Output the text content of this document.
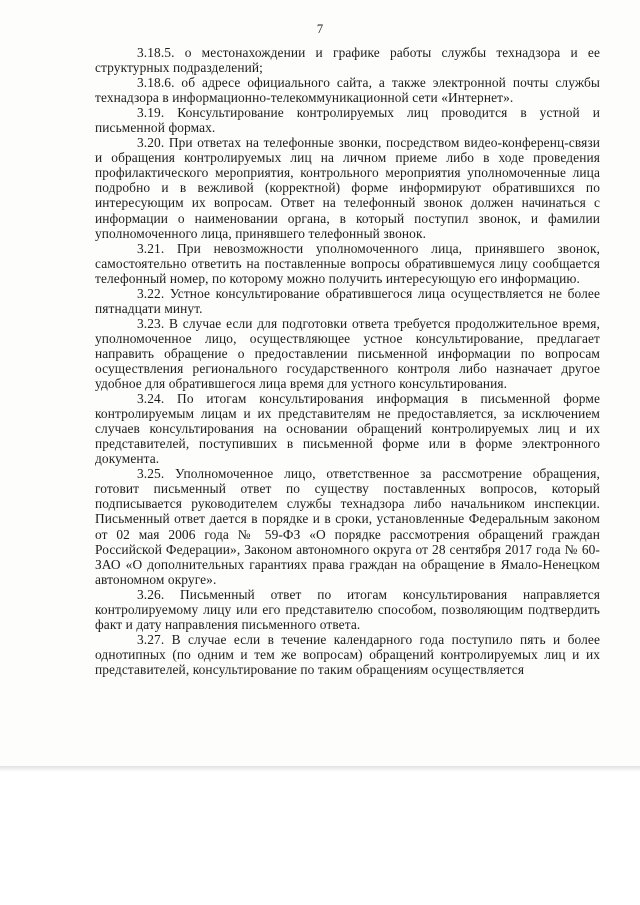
7

3.18.5. о местонахождении и графике работы службы технадзора и ее структурных подразделений;

3.18.6. об адресе официального сайта, а также электронной почты службы технадзора в информационно-телекоммуникационной сети «Интернет».

3.19. Консультирование контролируемых лиц проводится в устной и письменной формах.

3.20. При ответах на телефонные звонки, посредством видео-конференц-связи и обращения контролируемых лиц на личном приеме либо в ходе проведения профилактического мероприятия, контрольного мероприятия уполномоченные лица подробно и в вежливой (корректной) форме информируют обратившихся по интересующим их вопросам. Ответ на телефонный звонок должен начинаться с информации о наименовании органа, в который поступил звонок, и фамилии уполномоченного лица, принявшего телефонный звонок.

3.21. При невозможности уполномоченного лица, принявшего звонок, самостоятельно ответить на поставленные вопросы обратившемуся лицу сообщается телефонный номер, по которому можно получить интересующую его информацию.

3.22. Устное консультирование обратившегося лица осуществляется не более пятнадцати минут.

3.23. В случае если для подготовки ответа требуется продолжительное время, уполномоченное лицо, осуществляющее устное консультирование, предлагает направить обращение о предоставлении письменной информации по вопросам осуществления регионального государственного контроля либо назначает другое удобное для обратившегося лица время для устного консультирования.

3.24. По итогам консультирования информация в письменной форме контролируемым лицам и их представителям не предоставляется, за исключением случаев консультирования на основании обращений контролируемых лиц и их представителей, поступивших в письменной форме или в форме электронного документа.

3.25. Уполномоченное лицо, ответственное за рассмотрение обращения, готовит письменный ответ по существу поставленных вопросов, который подписывается руководителем службы технадзора либо начальником инспекции. Письменный ответ дается в порядке и в сроки, установленные Федеральным законом от 02 мая 2006 года № 59-ФЗ «О порядке рассмотрения обращений граждан Российской Федерации», Законом автономного округа от 28 сентября 2017 года № 60-ЗАО «О дополнительных гарантиях права граждан на обращение в Ямало-Ненецком автономном округе».

3.26. Письменный ответ по итогам консультирования направляется контролируемому лицу или его представителю способом, позволяющим подтвердить факт и дату направления письменного ответа.

3.27. В случае если в течение календарного года поступило пять и более однотипных (по одним и тем же вопросам) обращений контролируемых лиц и их представителей, консультирование по таким обращениям осуществляется
